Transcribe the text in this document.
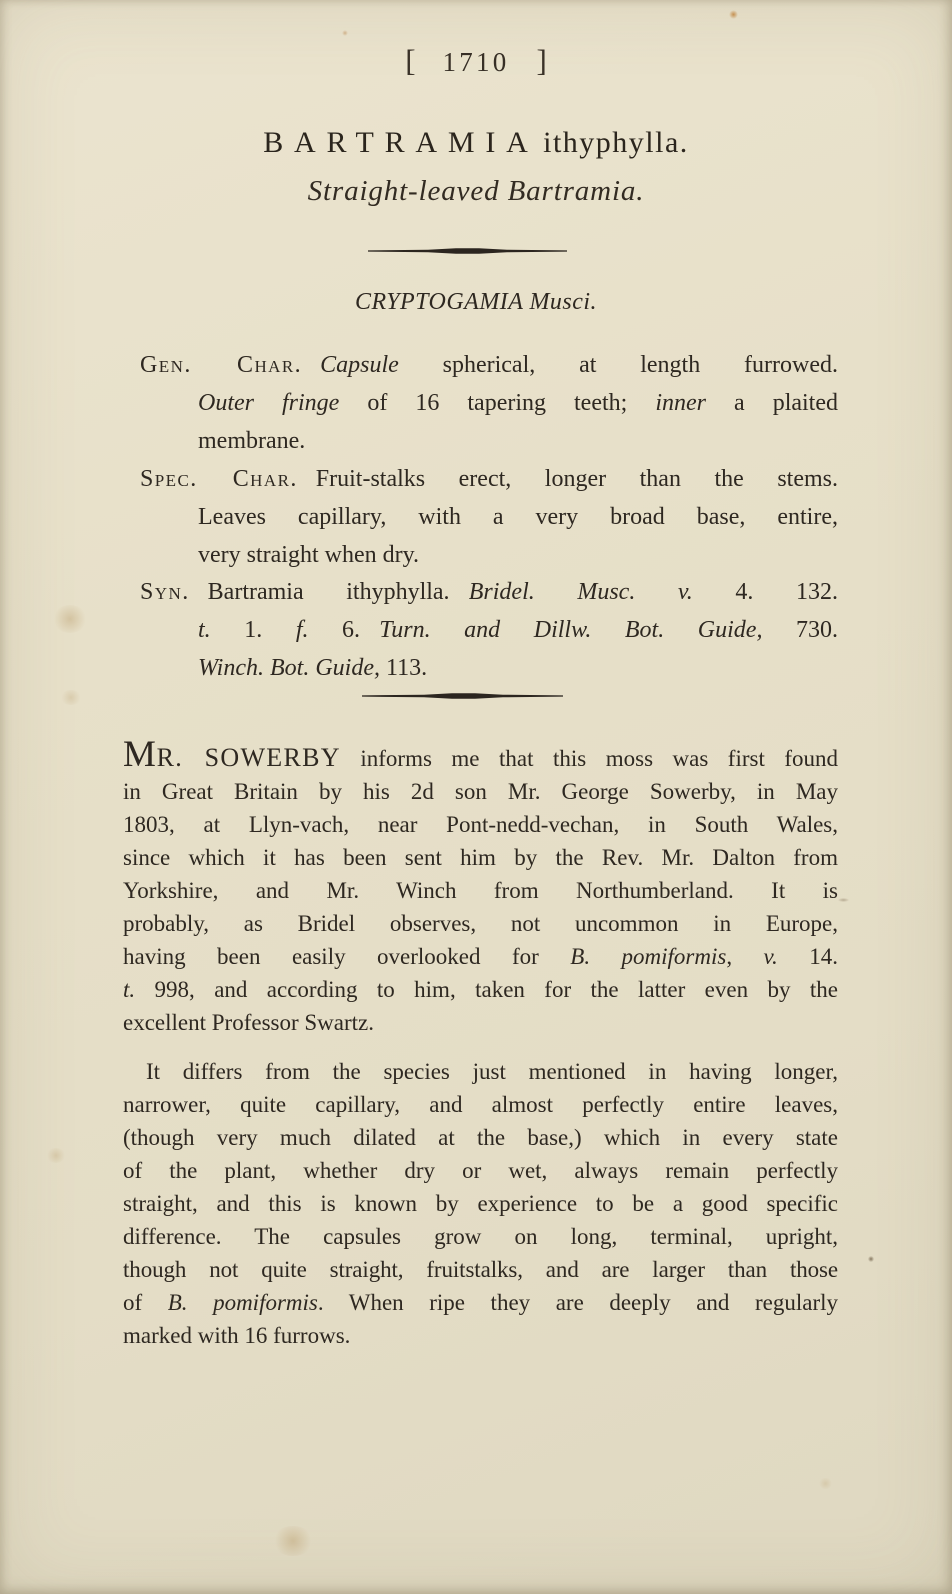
[ 1710 ]
BARTRAMIA ithyphylla.
Straight-leaved Bartramia.
CRYPTOGAMIA Musci.

Gen. Char. Capsule spherical, at length furrowed.
Outer fringe of 16 tapering teeth; inner a plaited
membrane.

Spec. Char. Fruit-stalks erect, longer than the stems.
Leaves capillary, with a very broad base, entire,
very straight when dry.

Syn. Bartramia ithyphylla. Bridel. Musc. v. 4. 132.
t. 1. f. 6. Turn. and Dillw. Bot. Guide, 730.
Winch. Bot. Guide, 113.

MR. SOWERBY informs me that this moss was first found
in Great Britain by his 2d son Mr. George Sowerby, in May
1803, at Llyn-vach, near Pont-nedd-vechan, in South Wales,
since which it has been sent him by the Rev. Mr. Dalton from
Yorkshire, and Mr. Winch from Northumberland. It is
probably, as Bridel observes, not uncommon in Europe,
having been easily overlooked for B. pomiformis, v. 14.
t. 998, and according to him, taken for the latter even by the
excellent Professor Swartz.

It differs from the species just mentioned in having longer,
narrower, quite capillary, and almost perfectly entire leaves,
(though very much dilated at the base,) which in every state
of the plant, whether dry or wet, always remain perfectly
straight, and this is known by experience to be a good specific
difference. The capsules grow on long, terminal, upright,
though not quite straight, fruitstalks, and are larger than those
of B. pomiformis. When ripe they are deeply and regularly
marked with 16 furrows.
